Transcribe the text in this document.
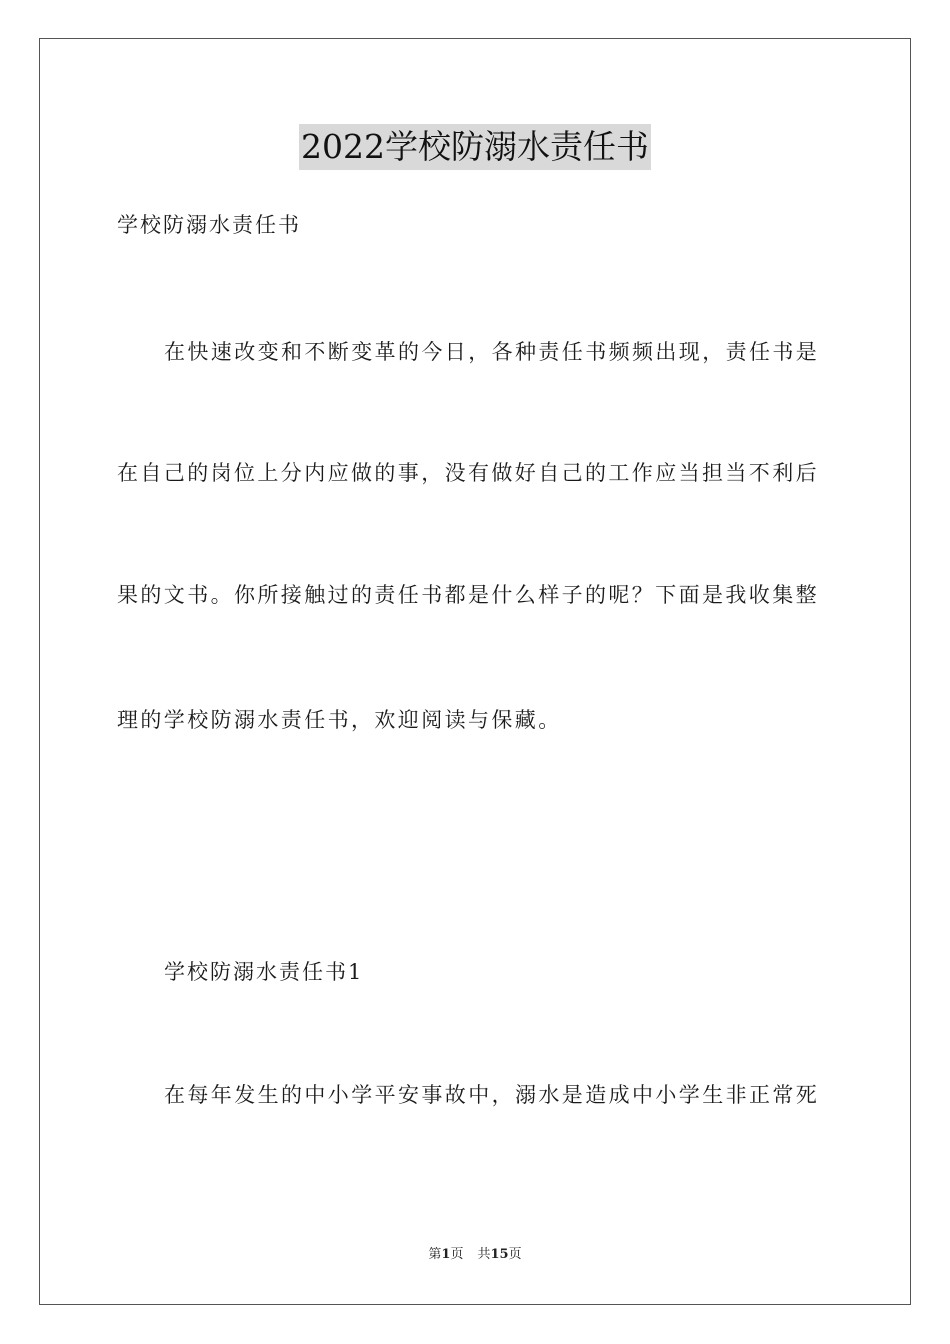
2022学校防溺水责任书
学校防溺水责任书
在快速改变和不断变革的今日，各种责任书频频出现，责任书是
在自己的岗位上分内应做的事，没有做好自己的工作应当担当不利后
果的文书。你所接触过的责任书都是什么样子的呢？下面是我收集整
理的学校防溺水责任书，欢迎阅读与保藏。
学校防溺水责任书1
在每年发生的中小学平安事故中，溺水是造成中小学生非正常死
第1页 共15页
